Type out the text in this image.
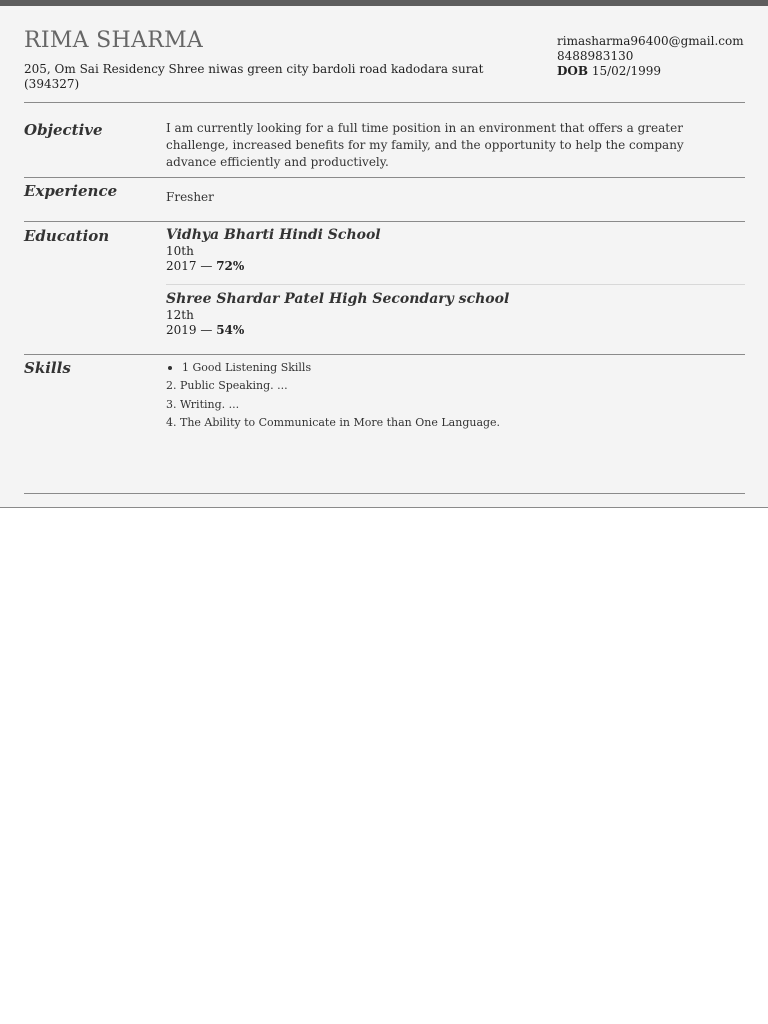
RIMA SHARMA
205, Om Sai Residency Shree niwas green city bardoli road kadodara surat (394327)
rimasharma96400@gmail.com
8488983130
DOB 15/02/1999
Objective	I am currently looking for a full time position in an environment that offers a greater challenge, increased benefits for my family, and the opportunity to help the company advance efficiently and productively.
Experience	Fresher
Education	Vidhya Bharti Hindi School
10th
2017 — 72%
Shree Shardar Patel High Secondary school
12th
2019 — 54%
Skills	1 Good Listening Skills
2. Public Speaking. ...
3. Writing. ...
4. The Ability to Communicate in More than One Language.
